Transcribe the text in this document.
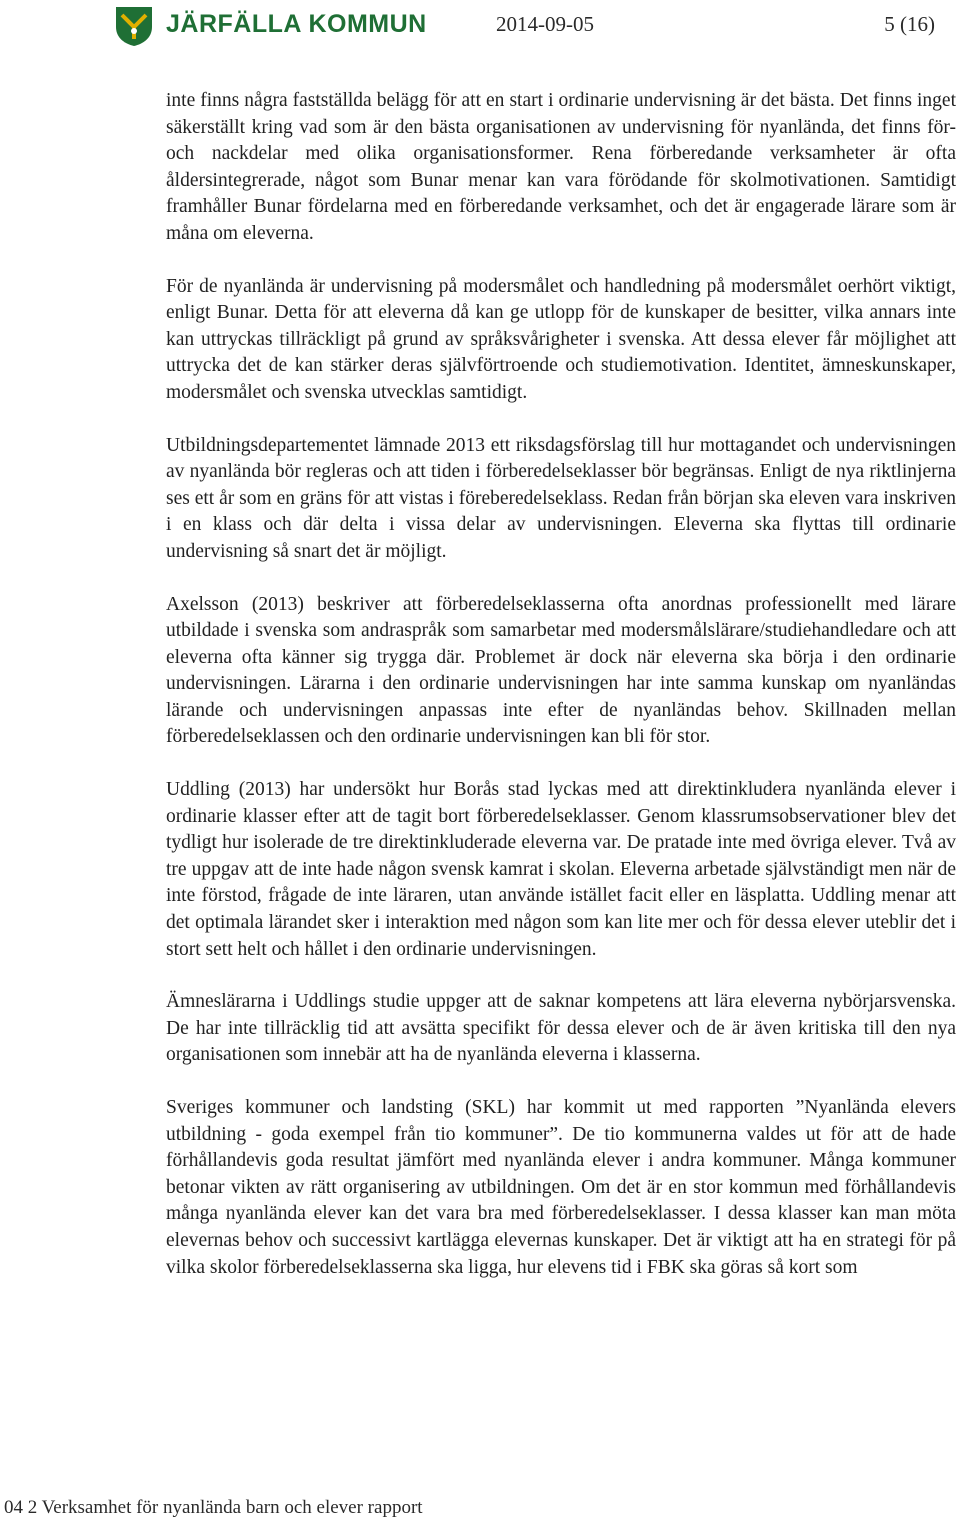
JÄRFÄLLA KOMMUN	2014-09-05	5 (16)

inte finns några fastställda belägg för att en start i ordinarie undervisning är det bästa. Det finns inget säkerställt kring vad som är den bästa organisationen av undervisning för nyanlända, det finns för- och nackdelar med olika organisationsformer. Rena förberedande verksamheter är ofta åldersintegrerade, något som Bunar menar kan vara förödande för skolmotivationen. Samtidigt framhåller Bunar fördelarna med en förberedande verksamhet, och det är engagerade lärare som är måna om eleverna.

För de nyanlända är undervisning på modersmålet och handledning på modersmålet oerhört viktigt, enligt Bunar. Detta för att eleverna då kan ge utlopp för de kunskaper de besitter, vilka annars inte kan uttryckas tillräckligt på grund av språksvårigheter i svenska. Att dessa elever får möjlighet att uttrycka det de kan stärker deras självförtroende och studiemotivation. Identitet, ämneskunskaper, modersmålet och svenska utvecklas samtidigt.

Utbildningsdepartementet lämnade 2013 ett riksdagsförslag till hur mottagandet och undervisningen av nyanlända bör regleras och att tiden i förberedelseklasser bör begränsas. Enligt de nya riktlinjerna ses ett år som en gräns för att vistas i förеberedelseklass. Redan från början ska eleven vara inskriven i en klass och där delta i vissa delar av undervisningen. Eleverna ska flyttas till ordinarie undervisning så snart det är möjligt.

Axelsson (2013) beskriver att förberedelseklasserna ofta anordnas professionellt med lärare utbildade i svenska som andraspråk som samarbetar med modersmålslärare/studiehandledare och att eleverna ofta känner sig trygga där. Problemet är dock när eleverna ska börja i den ordinarie undervisningen. Lärarna i den ordinarie undervisningen har inte samma kunskap om nyanländas lärande och undervisningen anpassas inte efter de nyanländas behov. Skillnaden mellan förberedelseklassen och den ordinarie undervisningen kan bli för stor.

Uddling (2013) har undersökt hur Borås stad lyckas med att direktinkludera nyanlända elever i ordinarie klasser efter att de tagit bort förberedelseklasser. Genom klassrumsobservationer blev det tydligt hur isolerade de tre direktinkluderade eleverna var. De pratade inte med övriga elever. Två av tre uppgav att de inte hade någon svensk kamrat i skolan. Eleverna arbetade självständigt men när de inte förstod, frågade de inte läraren, utan använde istället facit eller en läsplatta. Uddling menar att det optimala lärandet sker i interaktion med någon som kan lite mer och för dessa elever uteblir det i stort sett helt och hållet i den ordinarie undervisningen.

Ämneslärarna i Uddlings studie uppger att de saknar kompetens att lära eleverna nybörjarsvenska. De har inte tillräcklig tid att avsätta specifikt för dessa elever och de är även kritiska till den nya organisationen som innebär att ha de nyanlända eleverna i klasserna.

Sveriges kommuner och landsting (SKL) har kommit ut med rapporten ”Nyanlända elevers utbildning - goda exempel från tio kommuner”. De tio kommunerna valdes ut för att de hade förhållandevis goda resultat jämfört med nyanlända elever i andra kommuner. Många kommuner betonar vikten av rätt organisering av utbildningen. Om det är en stor kommun med förhållandevis många nyanlända elever kan det vara bra med förberedelseklasser. I dessa klasser kan man möta elevernas behov och successivt kartlägga elevernas kunskaper. Det är viktigt att ha en strategi för på vilka skolor förberedelseklasserna ska ligga, hur elevens tid i FBK ska göras så kort som

04 2 Verksamhet för nyanlända barn och elever rapport
